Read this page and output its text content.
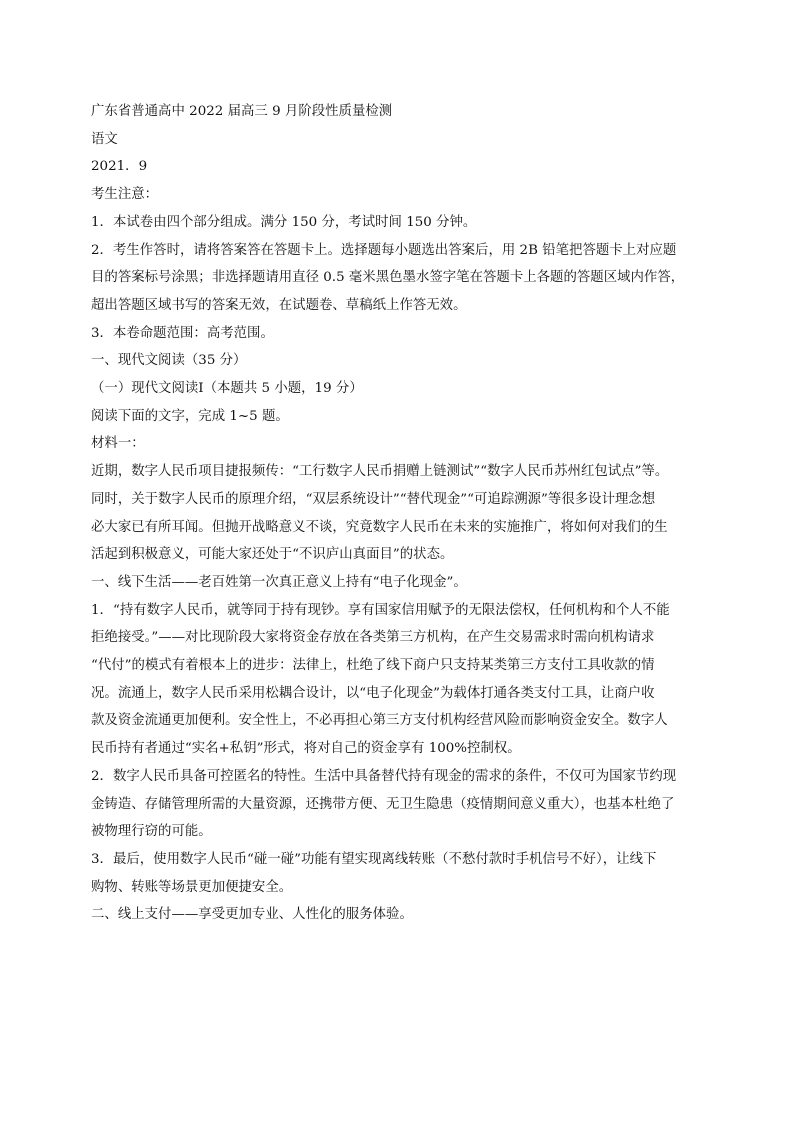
广东省普通高中 2022 届高三 9 月阶段性质量检测
语文
2021．9
考生注意：
1．本试卷由四个部分组成。满分 150 分，考试时间 150 分钟。
2．考生作答时，请将答案答在答题卡上。选择题每小题选出答案后，用 2B 铅笔把答题卡上对应题
目的答案标号涂黑；非选择题请用直径 0.5 毫米黑色墨水签字笔在答题卡上各题的答题区域内作答，
超出答题区域书写的答案无效，在试题卷、草稿纸上作答无效。
3．本卷命题范围：高考范围。
一、现代文阅读（35 分）
（一）现代文阅读Ⅰ（本题共 5 小题，19 分）
阅读下面的文字，完成 1~5 题。
材料一：
近期，数字人民币项目捷报频传：“工行数字人民币捐赠上链测试”“数字人民币苏州红包试点”等。
同时，关于数字人民币的原理介绍，“双层系统设计”“替代现金”“可追踪溯源”等很多设计理念想
必大家已有所耳闻。但抛开战略意义不谈，究竟数字人民币在未来的实施推广，将如何对我们的生
活起到积极意义，可能大家还处于“不识庐山真面目”的状态。
一、线下生活——老百姓第一次真正意义上持有“电子化现金”。
1．“持有数字人民币，就等同于持有现钞。享有国家信用赋予的无限法偿权，任何机构和个人不能
拒绝接受。”——对比现阶段大家将资金存放在各类第三方机构，在产生交易需求时需向机构请求
“代付”的模式有着根本上的进步：法律上，杜绝了线下商户只支持某类第三方支付工具收款的情
况。流通上，数字人民币采用松耦合设计，以“电子化现金”为载体打通各类支付工具，让商户收
款及资金流通更加便利。安全性上，不必再担心第三方支付机构经营风险而影响资金安全。数字人
民币持有者通过“实名+私钥”形式，将对自己的资金享有 100%控制权。
2．数字人民币具备可控匿名的特性。生活中具备替代持有现金的需求的条件，不仅可为国家节约现
金铸造、存储管理所需的大量资源，还携带方便、无卫生隐患（疫情期间意义重大），也基本杜绝了
被物理行窃的可能。
3．最后，使用数字人民币“碰一碰”功能有望实现离线转账（不愁付款时手机信号不好），让线下
购物、转账等场景更加便捷安全。
二、线上支付——享受更加专业、人性化的服务体验。
